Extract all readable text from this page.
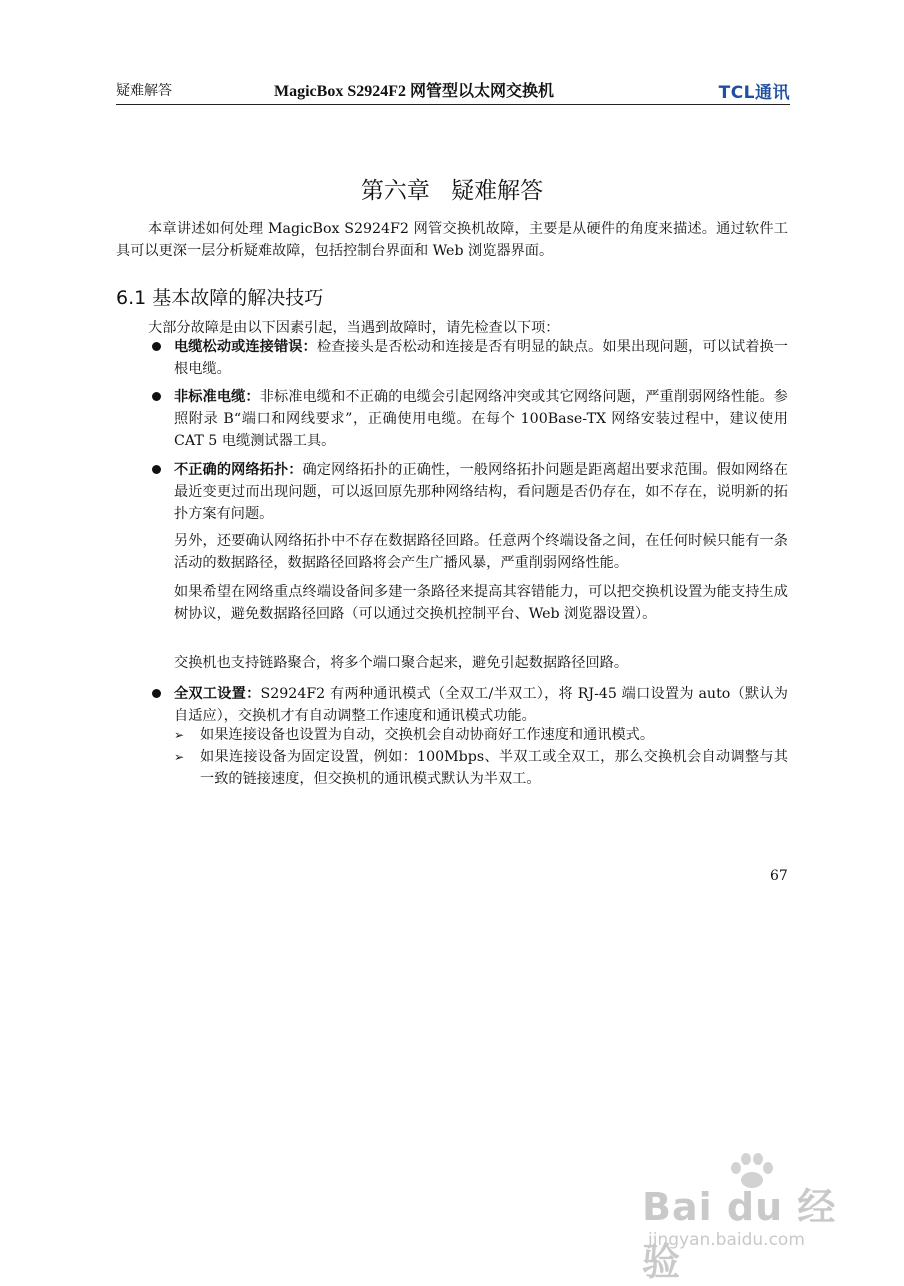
疑难解答	MagicBox S2924F2 网管型以太网交换机	TCL通讯
第六章 疑难解答
本章讲述如何处理 MagicBox S2924F2 网管交换机故障，主要是从硬件的角度来描述。通过软件工具可以更深一层分析疑难故障，包括控制台界面和 Web 浏览器界面。
6.1 基本故障的解决技巧
大部分故障是由以下因素引起，当遇到故障时，请先检查以下项：
电缆松动或连接错误：检查接头是否松动和连接是否有明显的缺点。如果出现问题，可以试着换一根电缆。
非标准电缆：非标准电缆和不正确的电缆会引起网络冲突或其它网络问题，严重削弱网络性能。参照附录 B“端口和网线要求”，正确使用电缆。在每个 100Base-TX 网络安装过程中，建议使用 CAT 5 电缆测试器工具。
不正确的网络拓扑：确定网络拓扑的正确性，一般网络拓扑问题是距离超出要求范围。假如网络在最近变更过而出现问题，可以返回原先那种网络结构，看问题是否仍存在，如不存在，说明新的拓扑方案有问题。
另外，还要确认网络拓扑中不存在数据路径回路。任意两个终端设备之间，在任何时候只能有一条活动的数据路径，数据路径回路将会产生广播风暴，严重削弱网络性能。
如果希望在网络重点终端设备间多建一条路径来提高其容错能力，可以把交换机设置为能支持生成树协议，避免数据路径回路（可以通过交换机控制平台、Web 浏览器设置）。
交换机也支持链路聚合，将多个端口聚合起来，避免引起数据路径回路。
全双工设置：S2924F2 有两种通讯模式（全双工/半双工），将 RJ-45 端口设置为 auto（默认为自适应），交换机才有自动调整工作速度和通讯模式功能。
➢ 如果连接设备也设置为自动，交换机会自动协商好工作速度和通讯模式。
➢ 如果连接设备为固定设置，例如：100Mbps、半双工或全双工，那么交换机会自动调整与其一致的链接速度，但交换机的通讯模式默认为半双工。
67
Bai du 经验
jingyan.baidu.com
